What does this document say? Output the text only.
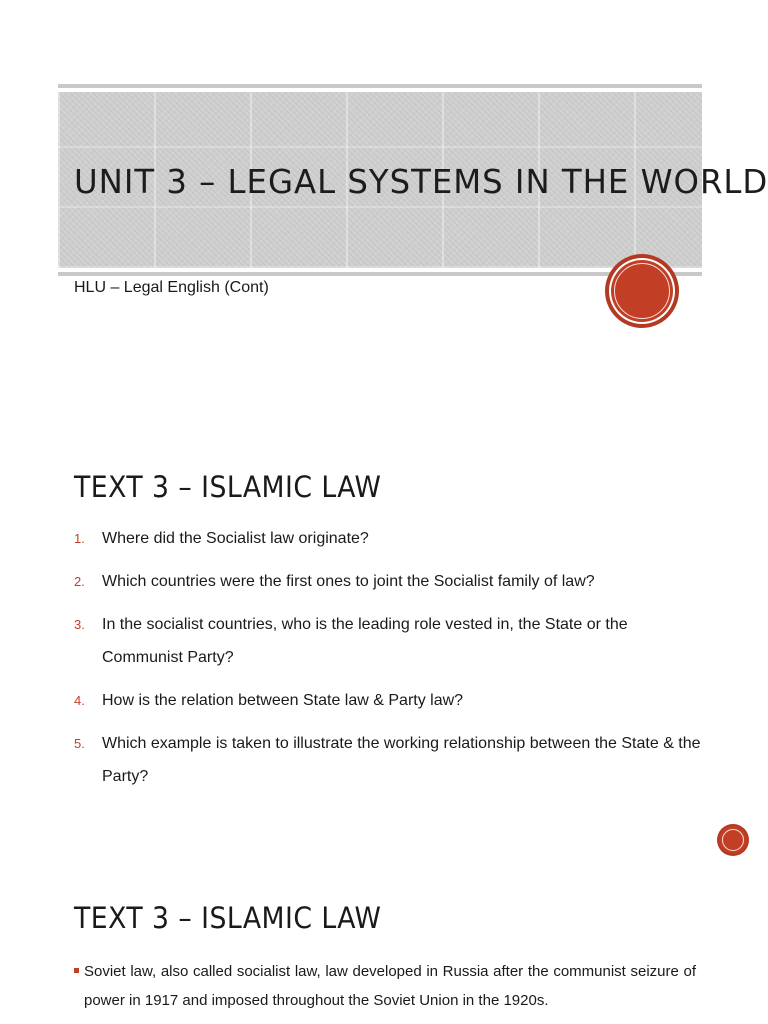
UNIT 3 – LEGAL SYSTEMS IN THE WORLD

HLU – Legal English (Cont)

TEXT 3 – ISLAMIC LAW
1. Where did the Socialist law originate?
2. Which countries were the first ones to joint the Socialist family of law?
3. In the socialist countries, who is the leading role vested in, the State or the Communist Party?
4. How is the relation between State law & Party law?
5. Which example is taken to illustrate the working relationship between the State & the Party?
TEXT 3 – ISLAMIC LAW
Soviet law, also called socialist law, law developed in Russia after the communist seizure of power in 1917 and imposed throughout the Soviet Union in the 1920s.
